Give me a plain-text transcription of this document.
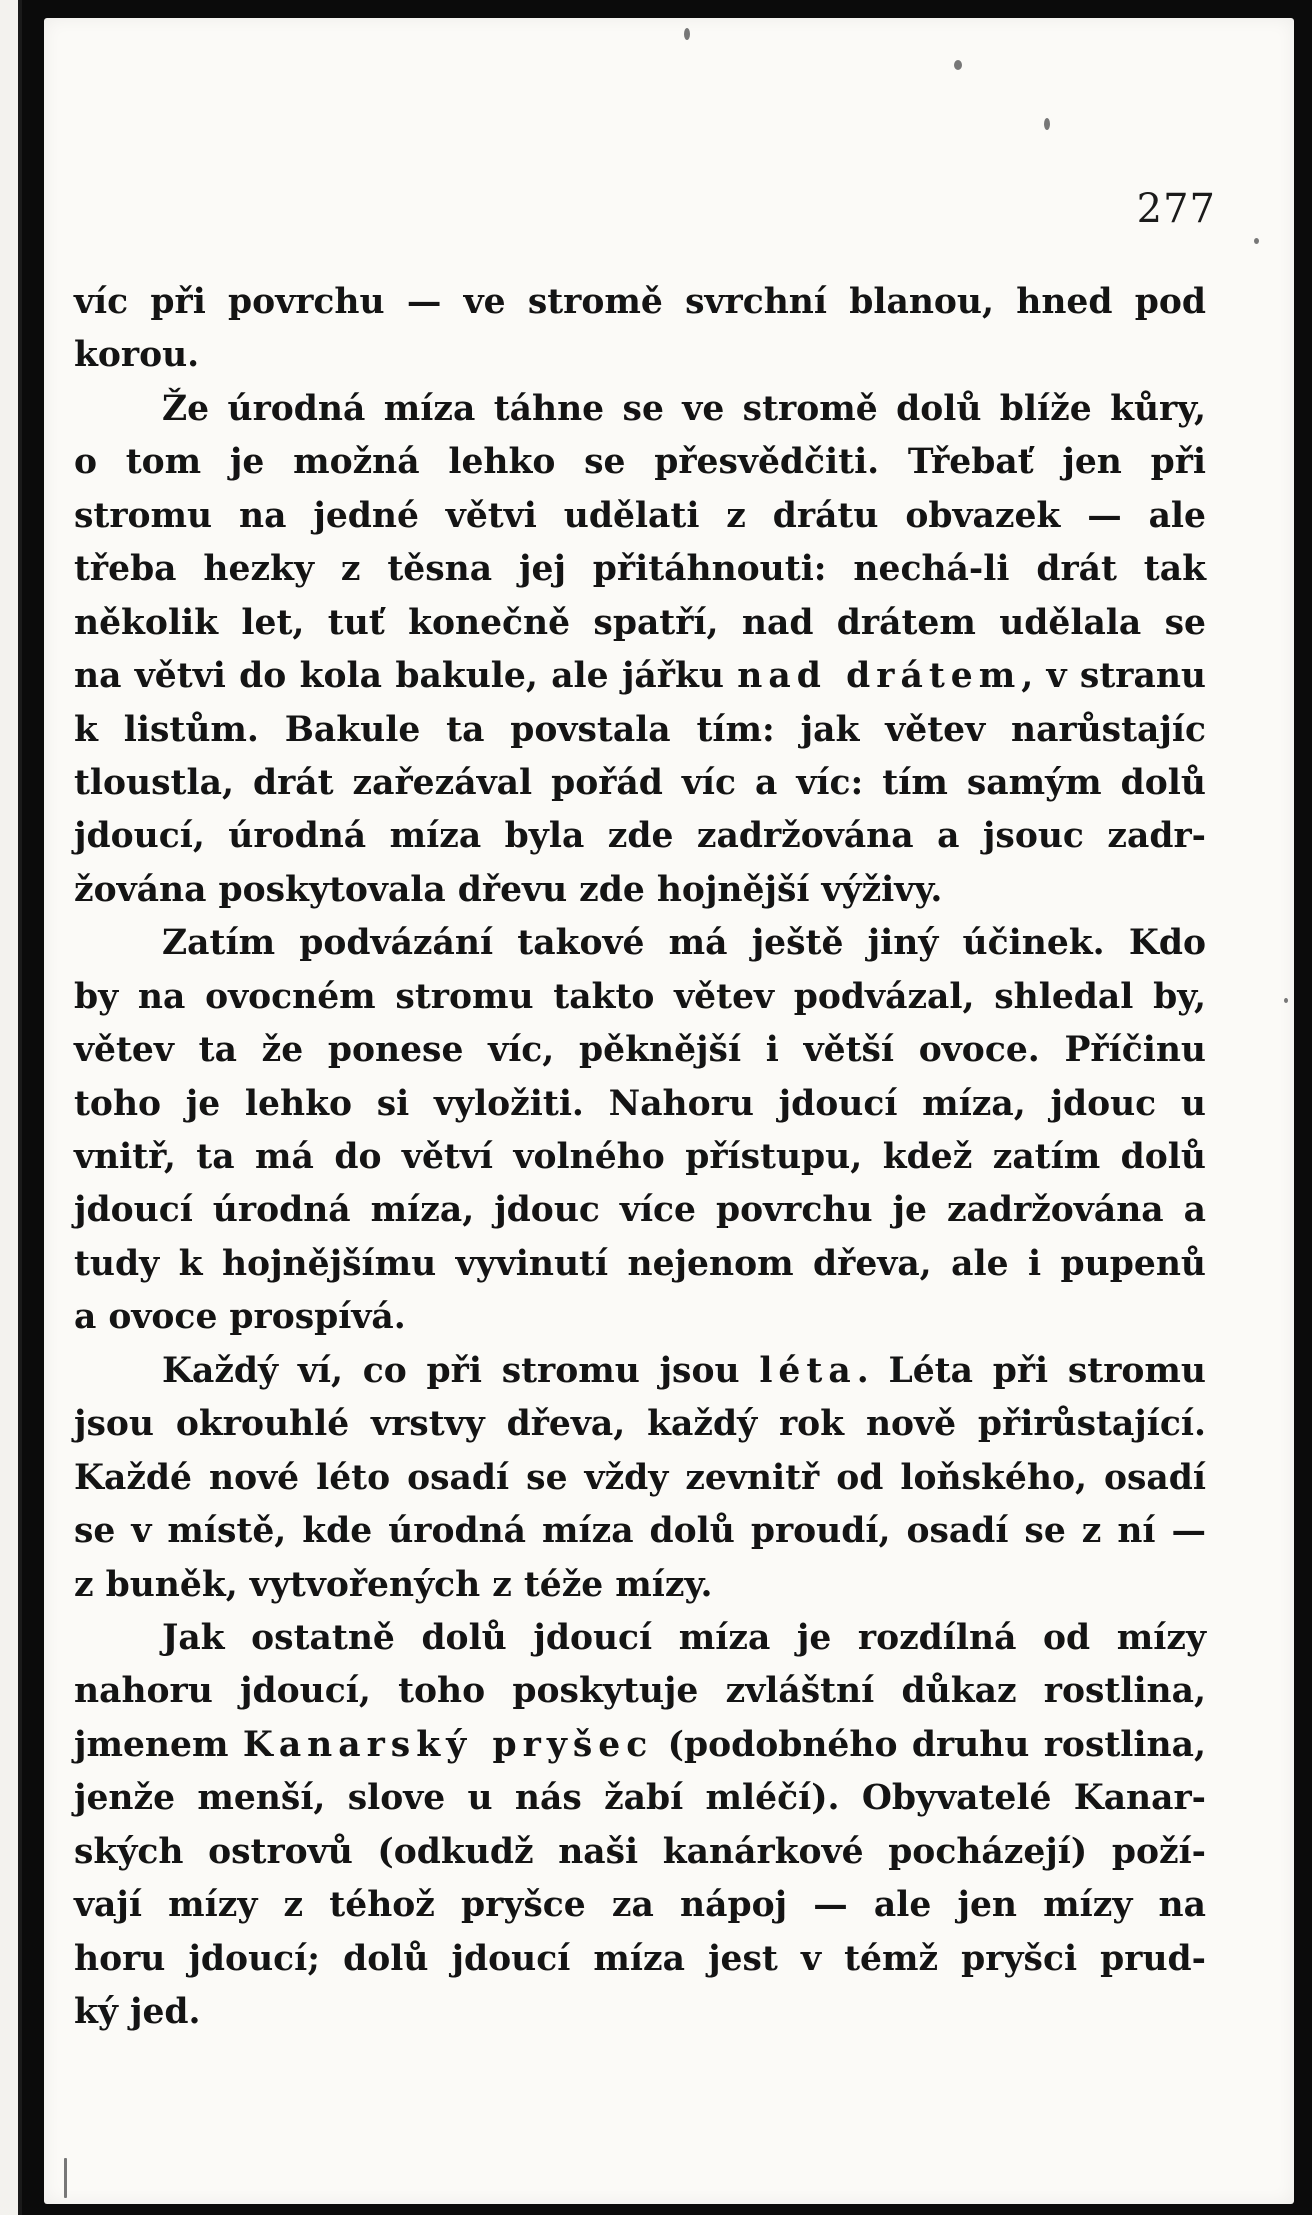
277

víc při povrchu — ve stromě svrchní blanou, hned pod
korou.
Že úrodná míza táhne se ve stromě dolů blíže kůry,
o tom je možná lehko se přesvědčiti. Třebať jen při
stromu na jedné větvi udělati z drátu obvazek — ale
třeba hezky z těsna jej přitáhnouti: nechá-li drát tak
několik let, tuť konečně spatří, nad drátem udělala se
na větvi do kola bakule, ale jářku nad drátem, v stranu
k listům. Bakule ta povstala tím: jak větev narůstajíc
tloustla, drát zařezával pořád víc a víc: tím samým dolů
jdoucí, úrodná míza byla zde zadržována a jsouc zadr-
žována poskytovala dřevu zde hojnější výživy.
Zatím podvázání takové má ještě jiný účinek. Kdo
by na ovocném stromu takto větev podvázal, shledal by,
větev ta že ponese víc, pěknější i větší ovoce. Příčinu
toho je lehko si vyložiti. Nahoru jdoucí míza, jdouc u
vnitř, ta má do větví volného přístupu, kdež zatím dolů
jdoucí úrodná míza, jdouc více povrchu je zadržována a
tudy k hojnějšímu vyvinutí nejenom dřeva, ale i pupenů
a ovoce prospívá.
Každý ví, co při stromu jsou léta. Léta při stromu
jsou okrouhlé vrstvy dřeva, každý rok nově přirůstající.
Každé nové léto osadí se vždy zevnitř od loňského, osadí
se v místě, kde úrodná míza dolů proudí, osadí se z ní —
z buněk, vytvořených z téže mízy.
Jak ostatně dolů jdoucí míza je rozdílná od mízy
nahoru jdoucí, toho poskytuje zvláštní důkaz rostlina,
jmenem Kanarský pryšec (podobného druhu rostlina,
jenže menší, slove u nás žabí mléčí). Obyvatelé Kanar-
ských ostrovů (odkudž naši kanárkové pocházejí) poží-
vají mízy z téhož pryšce za nápoj — ale jen mízy na
horu jdoucí; dolů jdoucí míza jest v témž pryšci prud-
ký jed.
